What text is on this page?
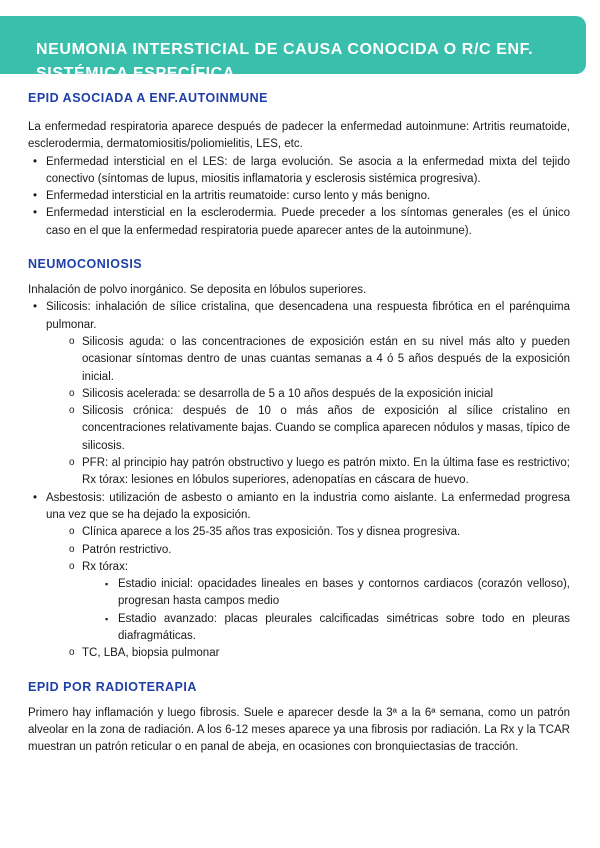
NEUMONIA INTERSTICIAL DE CAUSA CONOCIDA O R/C ENF. SISTÉMICA ESPECÍFICA
EPID ASOCIADA A ENF.AUTOINMUNE

La enfermedad respiratoria aparece después de padecer la enfermedad autoinmune: Artritis reumatoide, esclerodermia, dermatomiositis/poliomielitis, LES, etc.

• Enfermedad intersticial en el LES: de larga evolución. Se asocia a la enfermedad mixta del tejido conectivo (síntomas de lupus, miositis inflamatoria y esclerosis sistémica progresiva).
• Enfermedad intersticial en la artritis reumatoide: curso lento y más benigno.
• Enfermedad intersticial en la esclerodermia. Puede preceder a los síntomas generales (es el único caso en el que la enfermedad respiratoria puede aparecer antes de la autoinmune).
NEUMOCONIOSIS

Inhalación de polvo inorgánico. Se deposita en lóbulos superiores.

• Silicosis: inhalación de sílice cristalina, que desencadena una respuesta fibrótica en el parénquima pulmonar.
o Silicosis aguda: o las concentraciones de exposición están en su nivel más alto y pueden ocasionar síntomas dentro de unas cuantas semanas a 4 ó 5 años después de la exposición inicial.
o Silicosis acelerada: se desarrolla de 5 a 10 años después de la exposición inicial
o Silicosis crónica: después de 10 o más años de exposición al sílice cristalino en concentraciones relativamente bajas. Cuando se complica aparecen nódulos y masas, típico de silicosis.
o PFR: al principio hay patrón obstructivo y luego es patrón mixto. En la última fase es restrictivo; Rx tórax: lesiones en lóbulos superiores, adenopatías en cáscara de huevo.
• Asbestosis: utilización de asbesto o amianto en la industria como aislante. La enfermedad progresa una vez que se ha dejado la exposición.
o Clínica aparece a los 25-35 años tras exposición. Tos y disnea progresiva.
o Patrón restrictivo.
o Rx tórax:
▪ Estadio inicial: opacidades lineales en bases y contornos cardiacos (corazón velloso), progresan hasta campos medio
▪ Estadio avanzado: placas pleurales calcificadas simétricas sobre todo en pleuras diafragmáticas.
o TC, LBA, biopsia pulmonar
EPID POR RADIOTERAPIA

Primero hay inflamación y luego fibrosis. Suele e aparecer desde la 3ª a la 6ª semana, como un patrón alveolar en la zona de radiación. A los 6-12 meses aparece ya una fibrosis por radiación. La Rx y la TCAR muestran un patrón reticular o en panal de abeja, en ocasiones con bronquiectasias de tracción.
